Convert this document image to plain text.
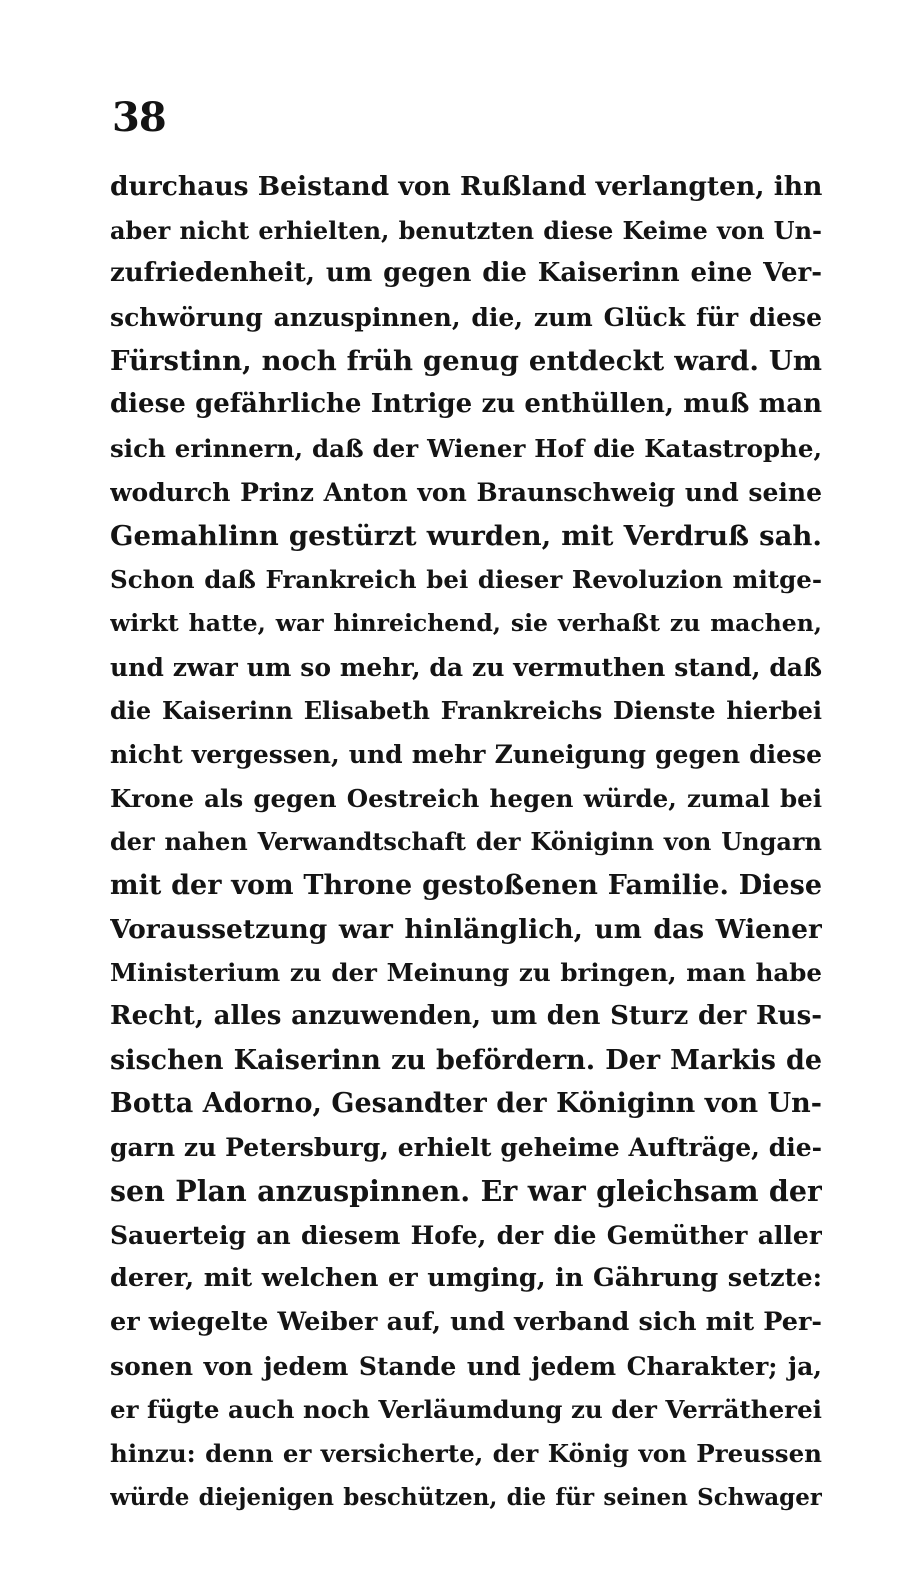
38
durchaus Beistand von Rußland verlangten, ihn
aber nicht erhielten, benutzten diese Keime von Un-
zufriedenheit, um gegen die Kaiserinn eine Ver-
schwörung anzuspinnen, die, zum Glück für diese
Fürstinn, noch früh genug entdeckt ward. Um
diese gefährliche Intrige zu enthüllen, muß man
sich erinnern, daß der Wiener Hof die Katastrophe,
wodurch Prinz Anton von Braunschweig und seine
Gemahlinn gestürzt wurden, mit Verdruß sah.
Schon daß Frankreich bei dieser Revoluzion mitge-
wirkt hatte, war hinreichend, sie verhaßt zu machen,
und zwar um so mehr, da zu vermuthen stand, daß
die Kaiserinn Elisabeth Frankreichs Dienste hierbei
nicht vergessen, und mehr Zuneigung gegen diese
Krone als gegen Oestreich hegen würde, zumal bei
der nahen Verwandtschaft der Königinn von Ungarn
mit der vom Throne gestoßenen Familie. Diese
Voraussetzung war hinlänglich, um das Wiener
Ministerium zu der Meinung zu bringen, man habe
Recht, alles anzuwenden, um den Sturz der Rus-
sischen Kaiserinn zu befördern. Der Markis de
Botta Adorno, Gesandter der Königinn von Un-
garn zu Petersburg, erhielt geheime Aufträge, die-
sen Plan anzuspinnen. Er war gleichsam der
Sauerteig an diesem Hofe, der die Gemüther aller
derer, mit welchen er umging, in Gährung setzte:
er wiegelte Weiber auf, und verband sich mit Per-
sonen von jedem Stande und jedem Charakter; ja,
er fügte auch noch Verläumdung zu der Verrätherei
hinzu: denn er versicherte, der König von Preussen
würde diejenigen beschützen, die für seinen Schwager
